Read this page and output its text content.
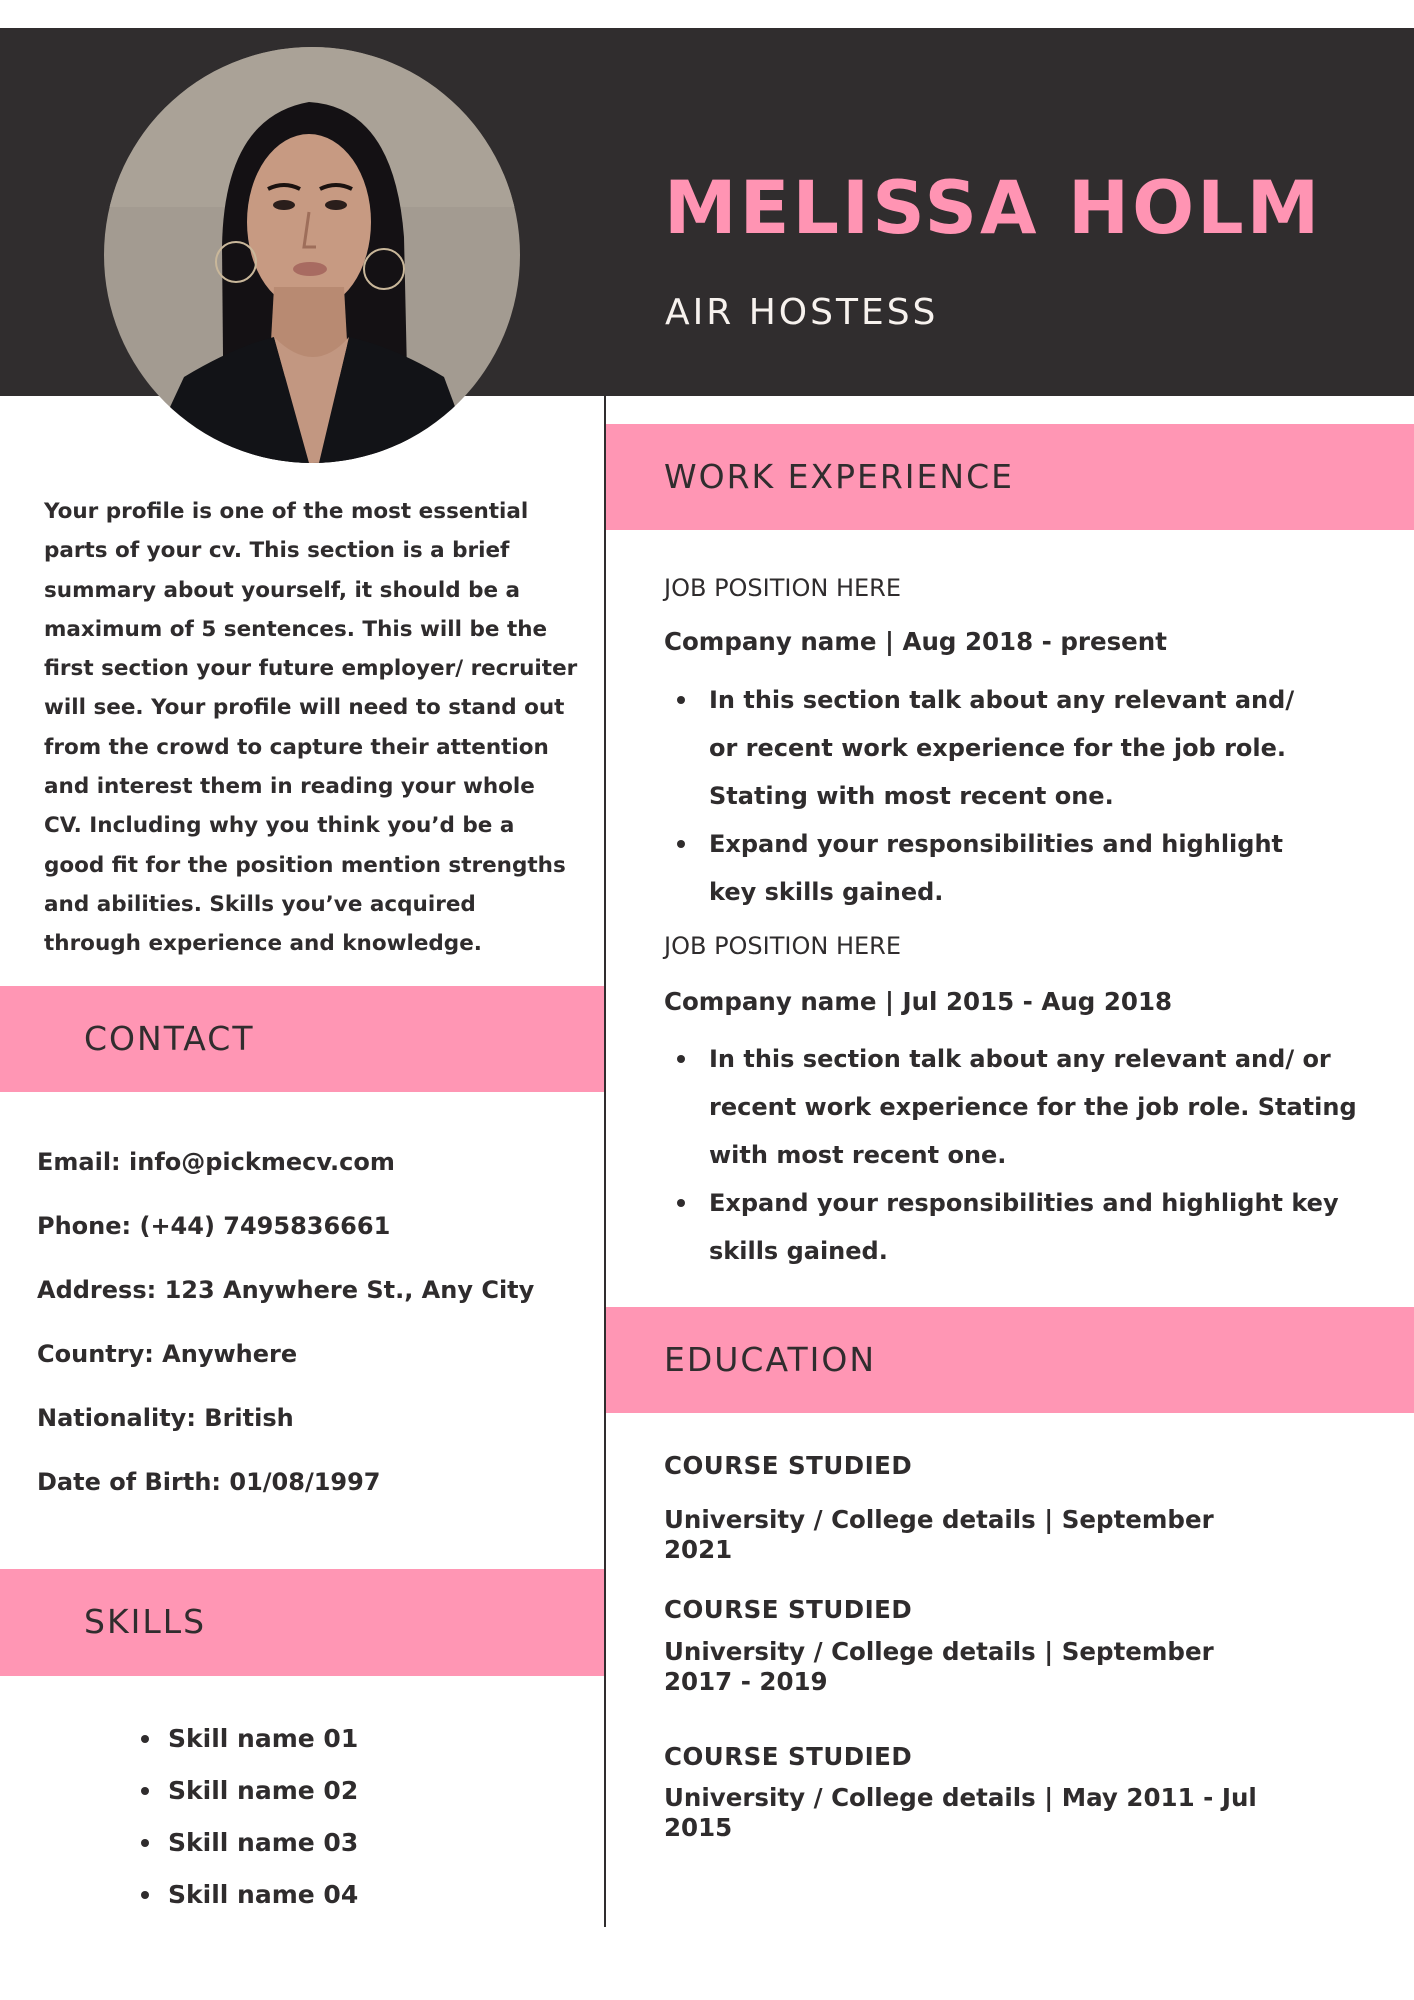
MELISSA HOLM
AIR HOSTESS
Your profile is one of the most essential parts of your cv. This section is a brief summary about yourself, it should be a maximum of 5 sentences. This will be the first section your future employer/ recruiter will see. Your profile will need to stand out from the crowd to capture their attention and interest them in reading your whole CV. Including why you think you’d be a good fit for the position mention strengths and abilities. Skills you’ve acquired through experience and knowledge.
CONTACT
Email: info@pickmecv.com
Phone: (+44) 7495836661
Address: 123 Anywhere St., Any City
Country: Anywhere
Nationality: British
Date of Birth: 01/08/1997
SKILLS
Skill name 01
Skill name 02
Skill name 03
Skill name 04
WORK EXPERIENCE
JOB POSITION HERE
Company name | Aug 2018 - present
In this section talk about any relevant and/ or recent work experience for the job role. Stating with most recent one.
Expand your responsibilities and highlight key skills gained.
JOB POSITION HERE
Company name | Jul 2015 - Aug 2018
In this section talk about any relevant and/ or recent work experience for the job role. Stating with most recent one.
Expand your responsibilities and highlight key skills gained.
EDUCATION
COURSE STUDIED
University / College details | September 2021
COURSE STUDIED
University / College details | September 2017 - 2019
COURSE STUDIED
University / College details | May 2011 - Jul 2015
